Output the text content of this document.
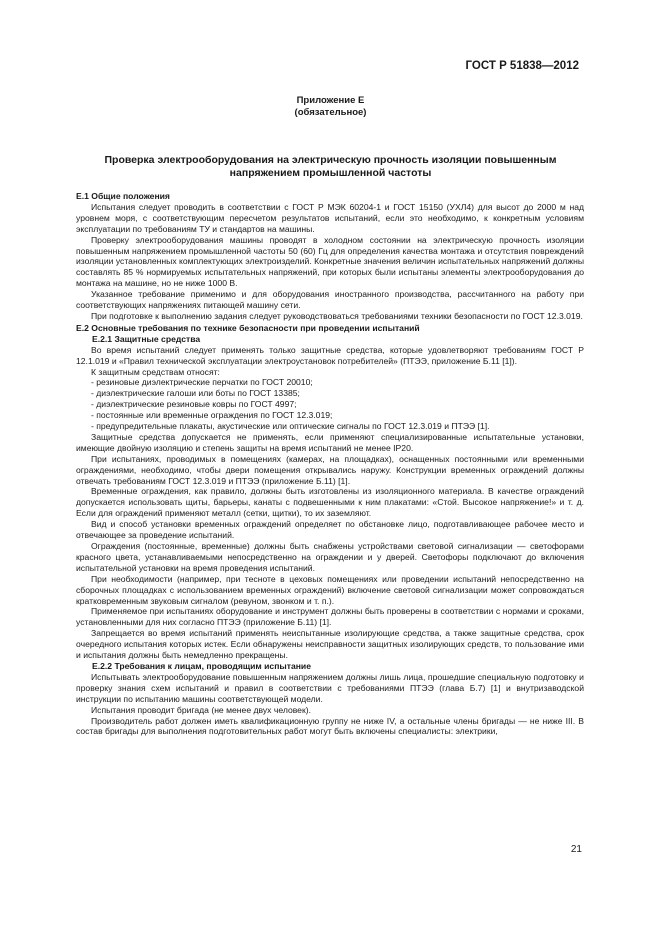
ГОСТ Р 51838—2012
Приложение Е
(обязательное)
Проверка электрооборудования на электрическую прочность изоляции повышенным
напряжением промышленной частоты

Е.1 Общие положения

Испытания следует проводить в соответствии с ГОСТ Р МЭК 60204-1 и ГОСТ 15150 (УХЛ4) для высот до 2000 м над уровнем моря, с соответствующим пересчетом результатов испытаний, если это необходимо, к конкретным условиям эксплуатации по требованиям ТУ и стандартов на машины.

Проверку электрооборудования машины проводят в холодном состоянии на электрическую прочность изоляции повышенным напряжением промышленной частоты 50 (60) Гц для определения качества монтажа и отсутствия повреждений изоляции установленных комплектующих электроизделий. Конкретные значения величин испытательных напряжений должны составлять 85 % нормируемых испытательных напряжений, при которых были испытаны элементы электрооборудования до монтажа на машине, но не ниже 1000 В.

Указанное требование применимо и для оборудования иностранного производства, рассчитанного на работу при соответствующих напряжениях питающей машину сети.

При подготовке к выполнению задания следует руководствоваться требованиями техники безопасности по ГОСТ 12.3.019.

Е.2 Основные требования по технике безопасности при проведении испытаний

Е.2.1 Защитные средства

Во время испытаний следует применять только защитные средства, которые удовлетворяют требованиям ГОСТ Р 12.1.019 и «Правил технической эксплуатации электроустановок потребителей» (ПТЭЭ, приложение Б.11 [1]).

К защитным средствам относят:

- резиновые диэлектрические перчатки по ГОСТ 20010;

- диэлектрические галоши или боты по ГОСТ 13385;

- диэлектрические резиновые ковры по ГОСТ 4997;

- постоянные или временные ограждения по ГОСТ 12.3.019;

- предупредительные плакаты, акустические или оптические сигналы по ГОСТ 12.3.019 и ПТЭЭ [1].

Защитные средства допускается не применять, если применяют специализированные испытательные установки, имеющие двойную изоляцию и степень защиты на время испытаний не менее IP20.

При испытаниях, проводимых в помещениях (камерах, на площадках), оснащенных постоянными или временными ограждениями, необходимо, чтобы двери помещения открывались наружу. Конструкции временных ограждений должны отвечать требованиям ГОСТ 12.3.019 и ПТЭЭ (приложение Б.11) [1].

Временные ограждения, как правило, должны быть изготовлены из изоляционного материала. В качестве ограждений допускается использовать щиты, барьеры, канаты с подвешенными к ним плакатами: «Стой. Высокое напряжение!» и т. д. Если для ограждений применяют металл (сетки, щитки), то их заземляют.

Вид и способ установки временных ограждений определяет по обстановке лицо, подготавливающее рабочее место и отвечающее за проведение испытаний.

Ограждения (постоянные, временные) должны быть снабжены устройствами световой сигнализации — светофорами красного цвета, устанавливаемыми непосредственно на ограждении и у дверей. Светофоры подключают до включения испытательной установки на время проведения испытаний.

При необходимости (например, при тесноте в цеховых помещениях или проведении испытаний непосредственно на сборочных площадках с использованием временных ограждений) включение световой сигнализации может сопровождаться кратковременным звуковым сигналом (ревуном, звонком и т. п.).

Применяемое при испытаниях оборудование и инструмент должны быть проверены в соответствии с нормами и сроками, установленными для них согласно ПТЭЭ (приложение Б.11) [1].

Запрещается во время испытаний применять неиспытанные изолирующие средства, а также защитные средства, срок очередного испытания которых истек. Если обнаружены неисправности защитных изолирующих средств, то пользование ими и испытания должны быть немедленно прекращены.

Е.2.2 Требования к лицам, проводящим испытание

Испытывать электрооборудование повышенным напряжением должны лишь лица, прошедшие специальную подготовку и проверку знания схем испытаний и правил в соответствии с требованиями ПТЭЭ (глава Б.7) [1] и внутризаводской инструкции по испытанию машины соответствующей модели.

Испытания проводит бригада (не менее двух человек).

Производитель работ должен иметь квалификационную группу не ниже IV, а остальные члены бригады — не ниже III. В состав бригады для выполнения подготовительных работ могут быть включены специалисты: электрики,

21
